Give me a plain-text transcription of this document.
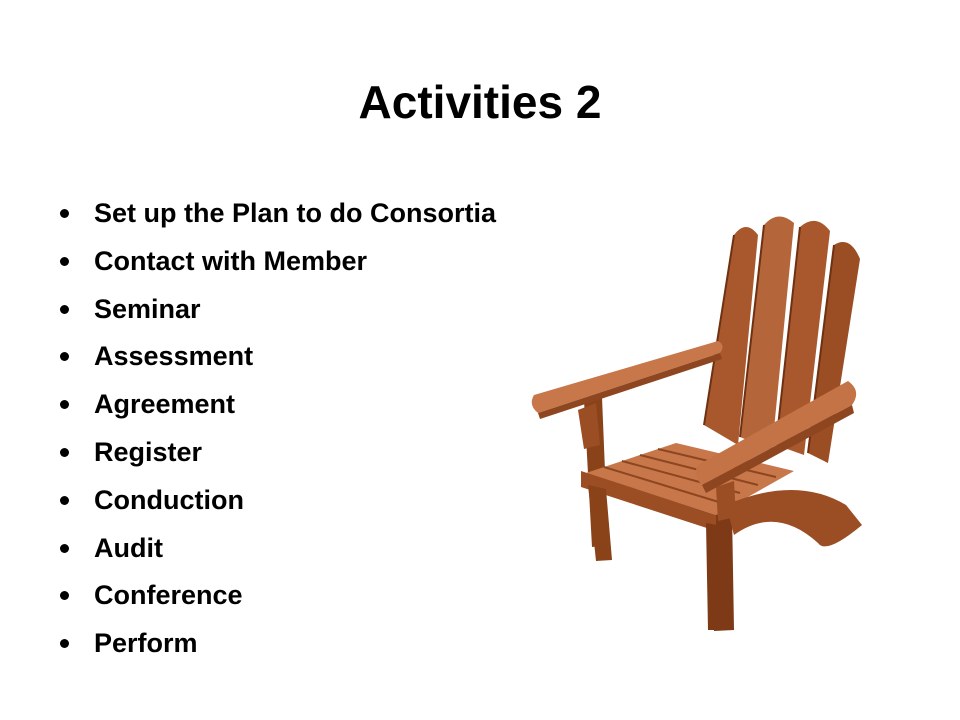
Activities 2
Set up the Plan to do Consortia
Contact with Member
Seminar
Assessment
Agreement
Register
Conduction
Audit
Conference
Perform
